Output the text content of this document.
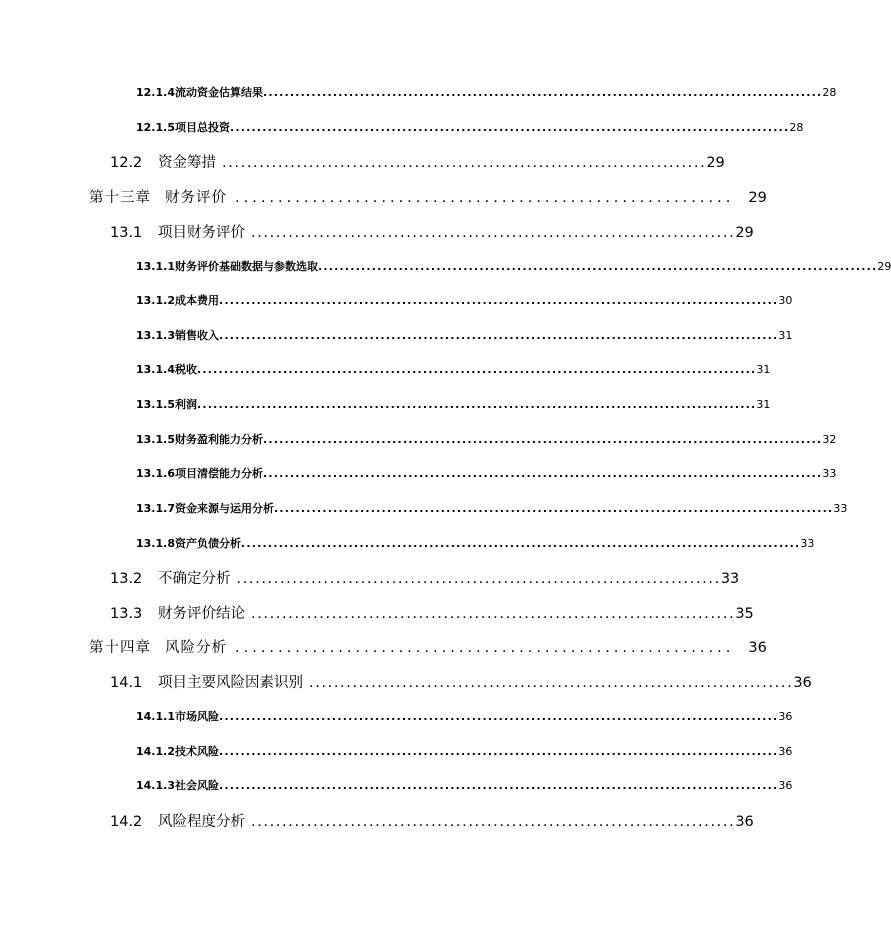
12.1.4流动资金估算结果 ........................................................................................................ 28
12.1.5项目总投资 ........................................................................................................ 28
12.2 资金筹措 .............................................................................. 29
第十三章 财务评价 .......................................................... 29
13.1 项目财务评价 .............................................................................. 29
13.1.1财务评价基础数据与参数选取 ........................................................................................................ 29
13.1.2成本费用 ........................................................................................................ 30
13.1.3销售收入 ........................................................................................................ 31
13.1.4税收 ........................................................................................................ 31
13.1.5利润 ........................................................................................................ 31
13.1.5财务盈利能力分析 ........................................................................................................ 32
13.1.6项目清偿能力分析 ........................................................................................................ 33
13.1.7资金来源与运用分析 ........................................................................................................ 33
13.1.8资产负债分析 ........................................................................................................ 33
13.2 不确定分析 .............................................................................. 33
13.3 财务评价结论 .............................................................................. 35
第十四章 风险分析 .......................................................... 36
14.1 项目主要风险因素识别 .............................................................................. 36
14.1.1市场风险 ........................................................................................................ 36
14.1.2技术风险 ........................................................................................................ 36
14.1.3社会风险 ........................................................................................................ 36
14.2 风险程度分析 .............................................................................. 36
